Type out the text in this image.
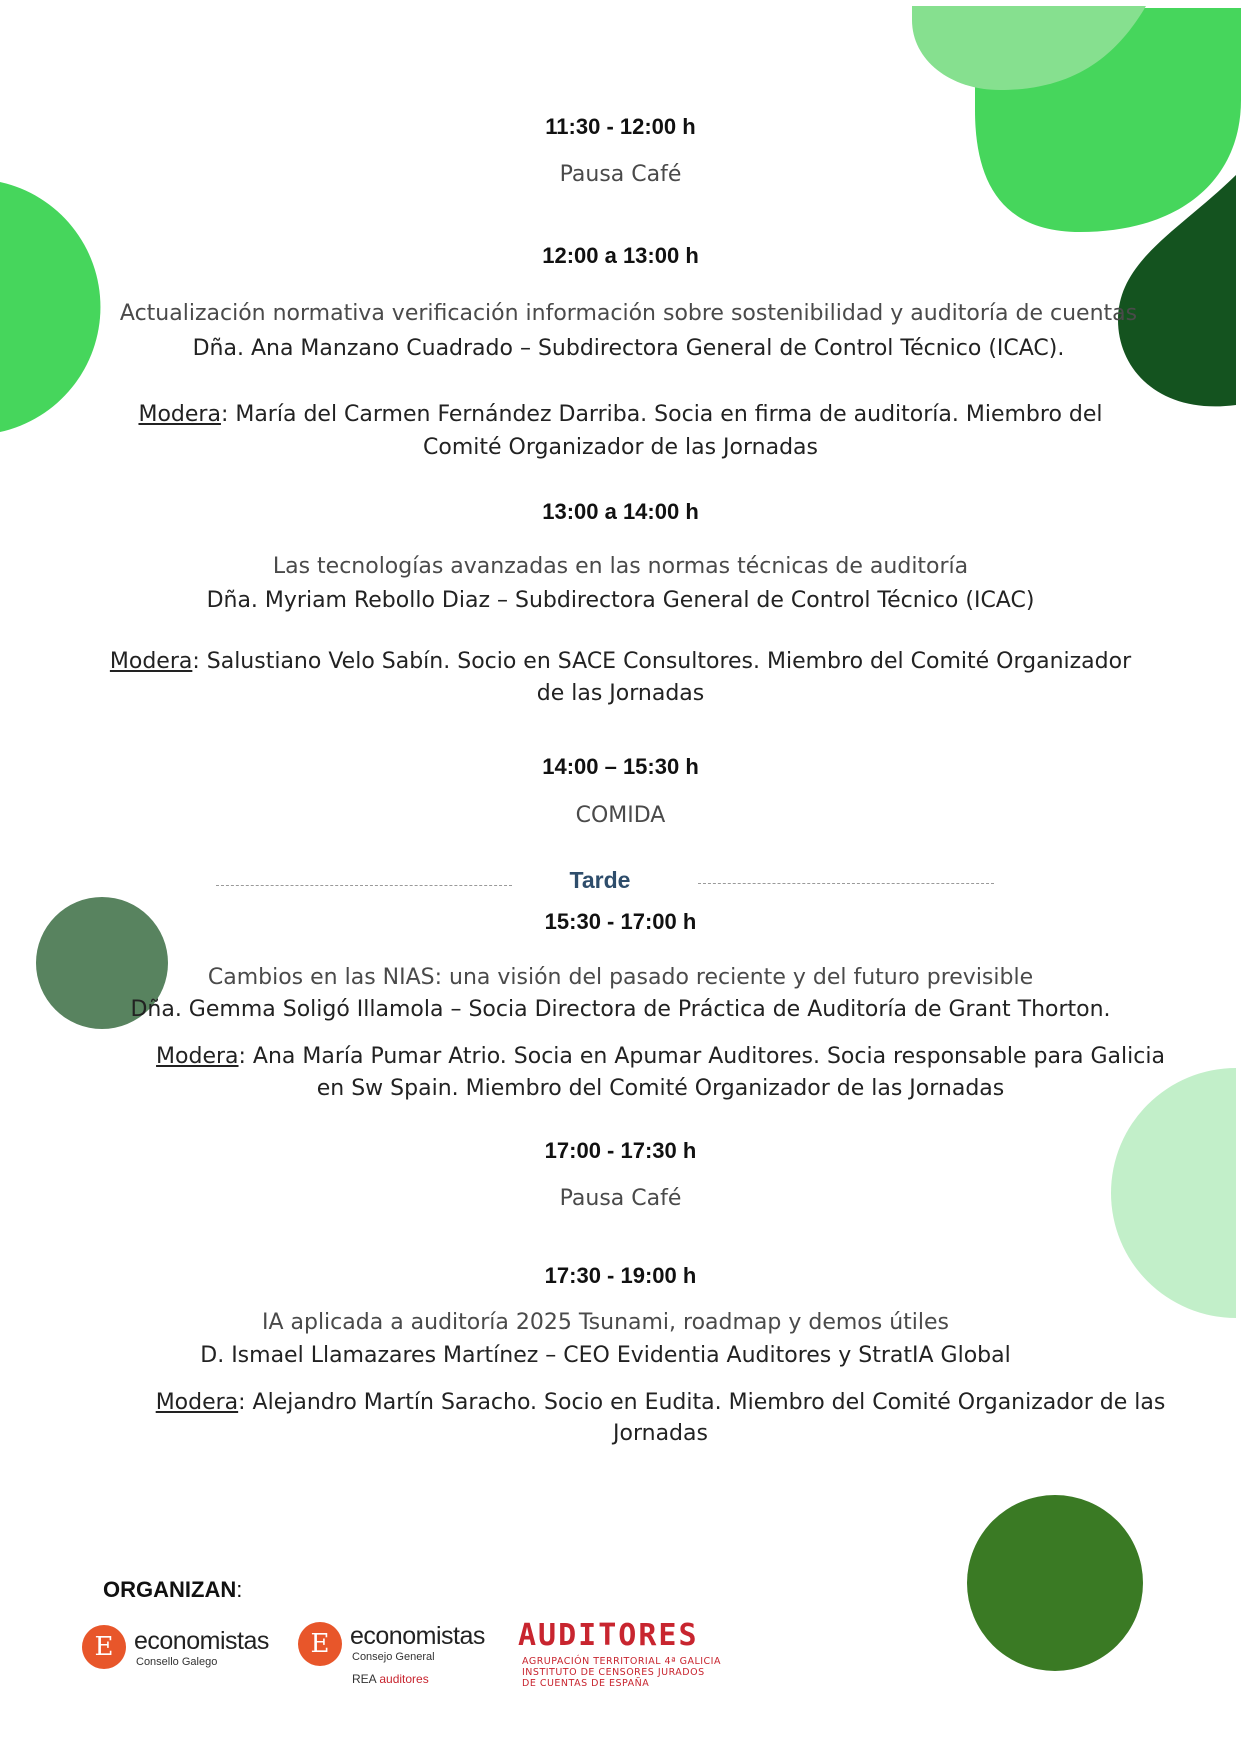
11:30 - 12:00 h
Pausa Café
12:00 a 13:00 h
Actualización normativa verificación información sobre sostenibilidad y auditoría de cuentas
Dña. Ana Manzano Cuadrado – Subdirectora General de Control Técnico (ICAC).
Modera: María del Carmen Fernández Darriba. Socia en firma de auditoría. Miembro del
Comité Organizador de las Jornadas
13:00 a 14:00 h
Las tecnologías avanzadas en las normas técnicas de auditoría
Dña. Myriam Rebollo Diaz – Subdirectora General de Control Técnico (ICAC)
Modera: Salustiano Velo Sabín. Socio en SACE Consultores. Miembro del Comité Organizador
de las Jornadas
14:00 – 15:30 h
COMIDA
Tarde
15:30 - 17:00 h
Cambios en las NIAS: una visión del pasado reciente y del futuro previsible
Dña. Gemma Soligó Illamola – Socia Directora de Práctica de Auditoría de Grant Thorton.
Modera: Ana María Pumar Atrio. Socia en Apumar Auditores. Socia responsable para Galicia
en Sw Spain. Miembro del Comité Organizador de las Jornadas
17:00 - 17:30 h
Pausa Café
17:30 - 19:00 h
IA aplicada a auditoría 2025 Tsunami, roadmap y demos útiles
D. Ismael Llamazares Martínez – CEO Evidentia Auditores y StratIA Global
Modera: Alejandro Martín Saracho. Socio en Eudita. Miembro del Comité Organizador de las
Jornadas
ORGANIZAN:
E economistas
Consello Galego
E economistas
Consejo General
REA auditores
AUDITORES
AGRUPACIÓN TERRITORIAL 4ª GALICIA
INSTITUTO DE CENSORES JURADOS
DE CUENTAS DE ESPAÑA
